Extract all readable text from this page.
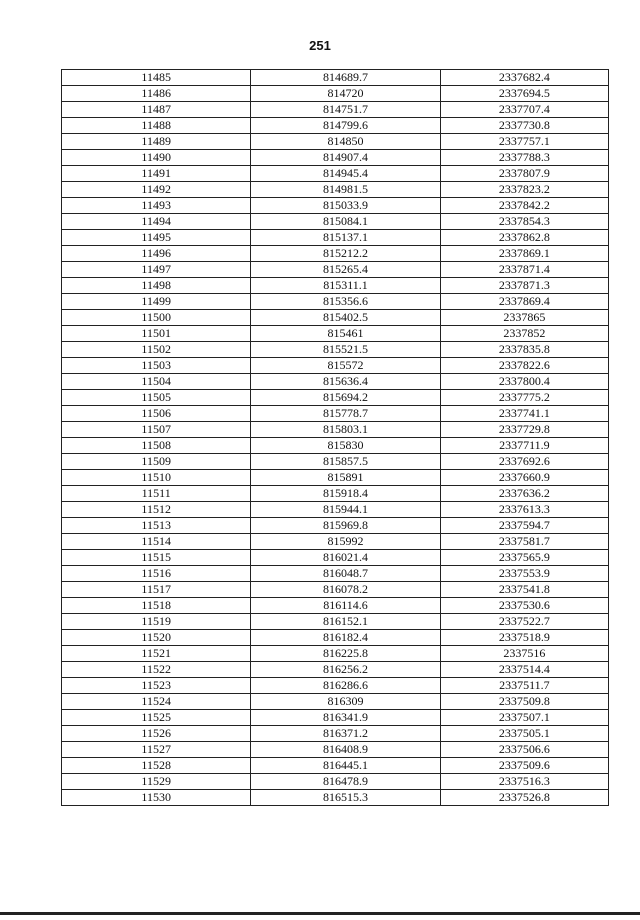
251
11485	814689.7	2337682.4
11486	814720	2337694.5
11487	814751.7	2337707.4
11488	814799.6	2337730.8
11489	814850	2337757.1
11490	814907.4	2337788.3
11491	814945.4	2337807.9
11492	814981.5	2337823.2
11493	815033.9	2337842.2
11494	815084.1	2337854.3
11495	815137.1	2337862.8
11496	815212.2	2337869.1
11497	815265.4	2337871.4
11498	815311.1	2337871.3
11499	815356.6	2337869.4
11500	815402.5	2337865
11501	815461	2337852
11502	815521.5	2337835.8
11503	815572	2337822.6
11504	815636.4	2337800.4
11505	815694.2	2337775.2
11506	815778.7	2337741.1
11507	815803.1	2337729.8
11508	815830	2337711.9
11509	815857.5	2337692.6
11510	815891	2337660.9
11511	815918.4	2337636.2
11512	815944.1	2337613.3
11513	815969.8	2337594.7
11514	815992	2337581.7
11515	816021.4	2337565.9
11516	816048.7	2337553.9
11517	816078.2	2337541.8
11518	816114.6	2337530.6
11519	816152.1	2337522.7
11520	816182.4	2337518.9
11521	816225.8	2337516
11522	816256.2	2337514.4
11523	816286.6	2337511.7
11524	816309	2337509.8
11525	816341.9	2337507.1
11526	816371.2	2337505.1
11527	816408.9	2337506.6
11528	816445.1	2337509.6
11529	816478.9	2337516.3
11530	816515.3	2337526.8
